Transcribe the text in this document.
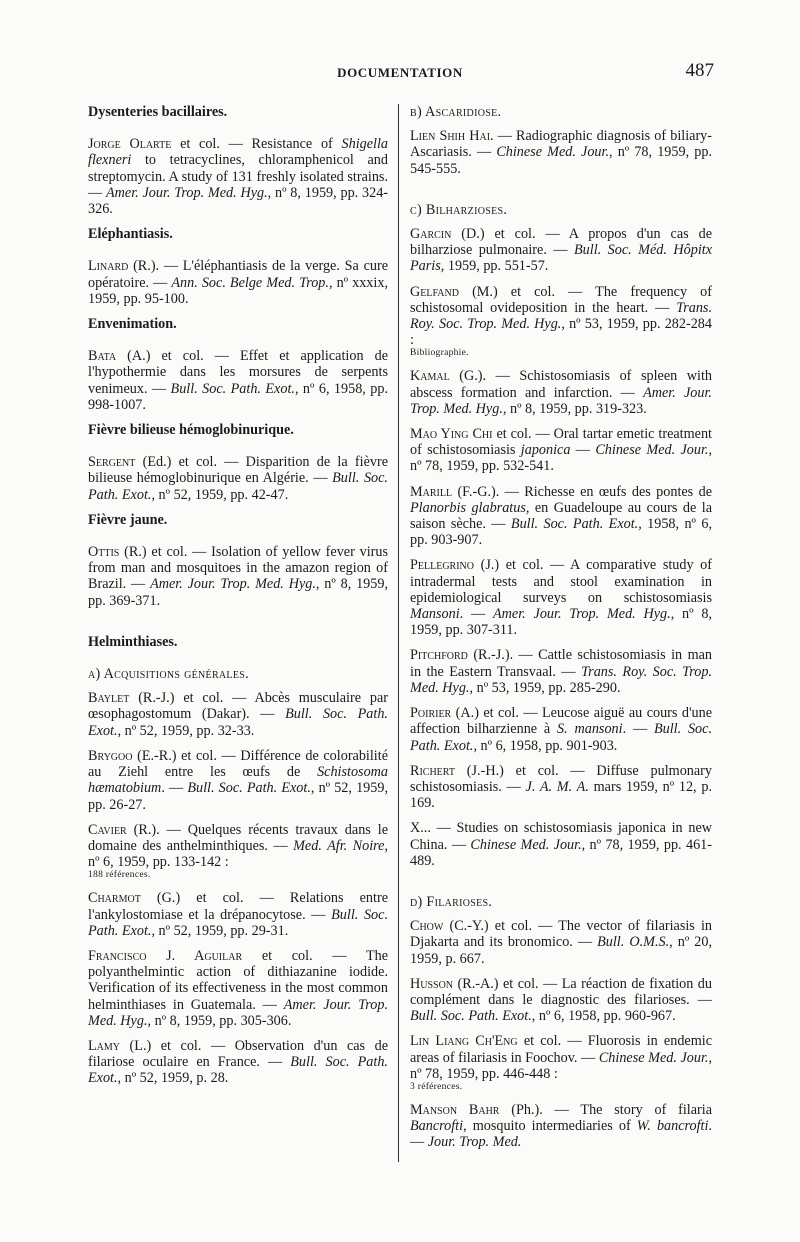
DOCUMENTATION	487
Dysenteries bacillaires.
Jorge Olarte et col. — Resistance of Shigella flexneri to tetracyclines, chloramphenicol and streptomycin. A study of 131 freshly isolated strains. — Amer. Jour. Trop. Med. Hyg., nº 8, 1959, pp. 324-326.
Eléphantiasis.
Linard (R.). — L'éléphantiasis de la verge. Sa cure opératoire. — Ann. Soc. Belge Med. Trop., nº xxxix, 1959, pp. 95-100.
Envenimation.
Bata (A.) et col. — Effet et application de l'hypothermie dans les morsures de serpents venimeux. — Bull. Soc. Path. Exot., nº 6, 1958, pp. 998-1007.
Fièvre bilieuse hémoglobinurique.
Sergent (Ed.) et col. — Disparition de la fièvre bilieuse hémoglobinurique en Algérie. — Bull. Soc. Path. Exot., nº 52, 1959, pp. 42-47.
Fièvre jaune.
Ottis (R.) et col. — Isolation of yellow fever virus from man and mosquitoes in the amazon region of Brazil. — Amer. Jour. Trop. Med. Hyg., nº 8, 1959, pp. 369-371.
Helminthiases.
a) Acquisitions générales.
Baylet (R.-J.) et col. — Abcès musculaire par œsophagostomum (Dakar). — Bull. Soc. Path. Exot., nº 52, 1959, pp. 32-33.
Brygoo (E.-R.) et col. — Différence de colorabilité au Ziehl entre les œufs de Schistosoma hæmatobium. — Bull. Soc. Path. Exot., nº 52, 1959, pp. 26-27.
Cavier (R.). — Quelques récents travaux dans le domaine des anthelminthiques. — Med. Afr. Noire, nº 6, 1959, pp. 133-142 :
188 références.
Charmot (G.) et col. — Relations entre l'ankylostomiase et la drépanocytose. — Bull. Soc. Path. Exot., nº 52, 1959, pp. 29-31.
Francisco J. Aguilar et col. — The polyanthelmintic action of dithiazanine iodide. Verification of its effectiveness in the most common helminthiases in Guatemala. — Amer. Jour. Trop. Med. Hyg., nº 8, 1959, pp. 305-306.
Lamy (L.) et col. — Observation d'un cas de filariose oculaire en France. — Bull. Soc. Path. Exot., nº 52, 1959, p. 28.
b) Ascaridiose.
Lien Shih Hai. — Radiographic diagnosis of biliary-Ascariasis. — Chinese Med. Jour., nº 78, 1959, pp. 545-555.
c) Bilharzioses.
Garcin (D.) et col. — A propos d'un cas de bilharziose pulmonaire. — Bull. Soc. Méd. Hôpitx Paris, 1959, pp. 551-57.
Gelfand (M.) et col. — The frequency of schistosomal ovideposition in the heart. — Trans. Roy. Soc. Trop. Med. Hyg., nº 53, 1959, pp. 282-284 :
Bibliographie.
Kamal (G.). — Schistosomiasis of spleen with abscess formation and infarction. — Amer. Jour. Trop. Med. Hyg., nº 8, 1959, pp. 319-323.
Mao Ying Chi et col. — Oral tartar emetic treatment of schistosomiasis japonica — Chinese Med. Jour., nº 78, 1959, pp. 532-541.
Marill (F.-G.). — Richesse en œufs des pontes de Planorbis glabratus, en Guadeloupe au cours de la saison sèche. — Bull. Soc. Path. Exot., 1958, nº 6, pp. 903-907.
Pellegrino (J.) et col. — A comparative study of intradermal tests and stool examination in epidemiological surveys on schistosomiasis Mansoni. — Amer. Jour. Trop. Med. Hyg., nº 8, 1959, pp. 307-311.
Pitchford (R.-J.). — Cattle schistosomiasis in man in the Eastern Transvaal. — Trans. Roy. Soc. Trop. Med. Hyg., nº 53, 1959, pp. 285-290.
Poirier (A.) et col. — Leucose aiguë au cours d'une affection bilharzienne à S. mansoni. — Bull. Soc. Path. Exot., nº 6, 1958, pp. 901-903.
Richert (J.-H.) et col. — Diffuse pulmonary schistosomiasis. — J. A. M. A. mars 1959, nº 12, p. 169.
X... — Studies on schistosomiasis japonica in new China. — Chinese Med. Jour., nº 78, 1959, pp. 461-489.
d) Filarioses.
Chow (C.-Y.) et col. — The vector of filariasis in Djakarta and its bronomico. — Bull. O.M.S., nº 20, 1959, p. 667.
Husson (R.-A.) et col. — La réaction de fixation du complément dans le diagnostic des filarioses. — Bull. Soc. Path. Exot., nº 6, 1958, pp. 960-967.
Lin Liang Ch'Eng et col. — Fluorosis in endemic areas of filariasis in Foochov. — Chinese Med. Jour., nº 78, 1959, pp. 446-448 :
3 références.
Manson Bahr (Ph.). — The story of filaria Bancrofti, mosquito intermediaries of W. bancrofti. — Jour. Trop. Med.
